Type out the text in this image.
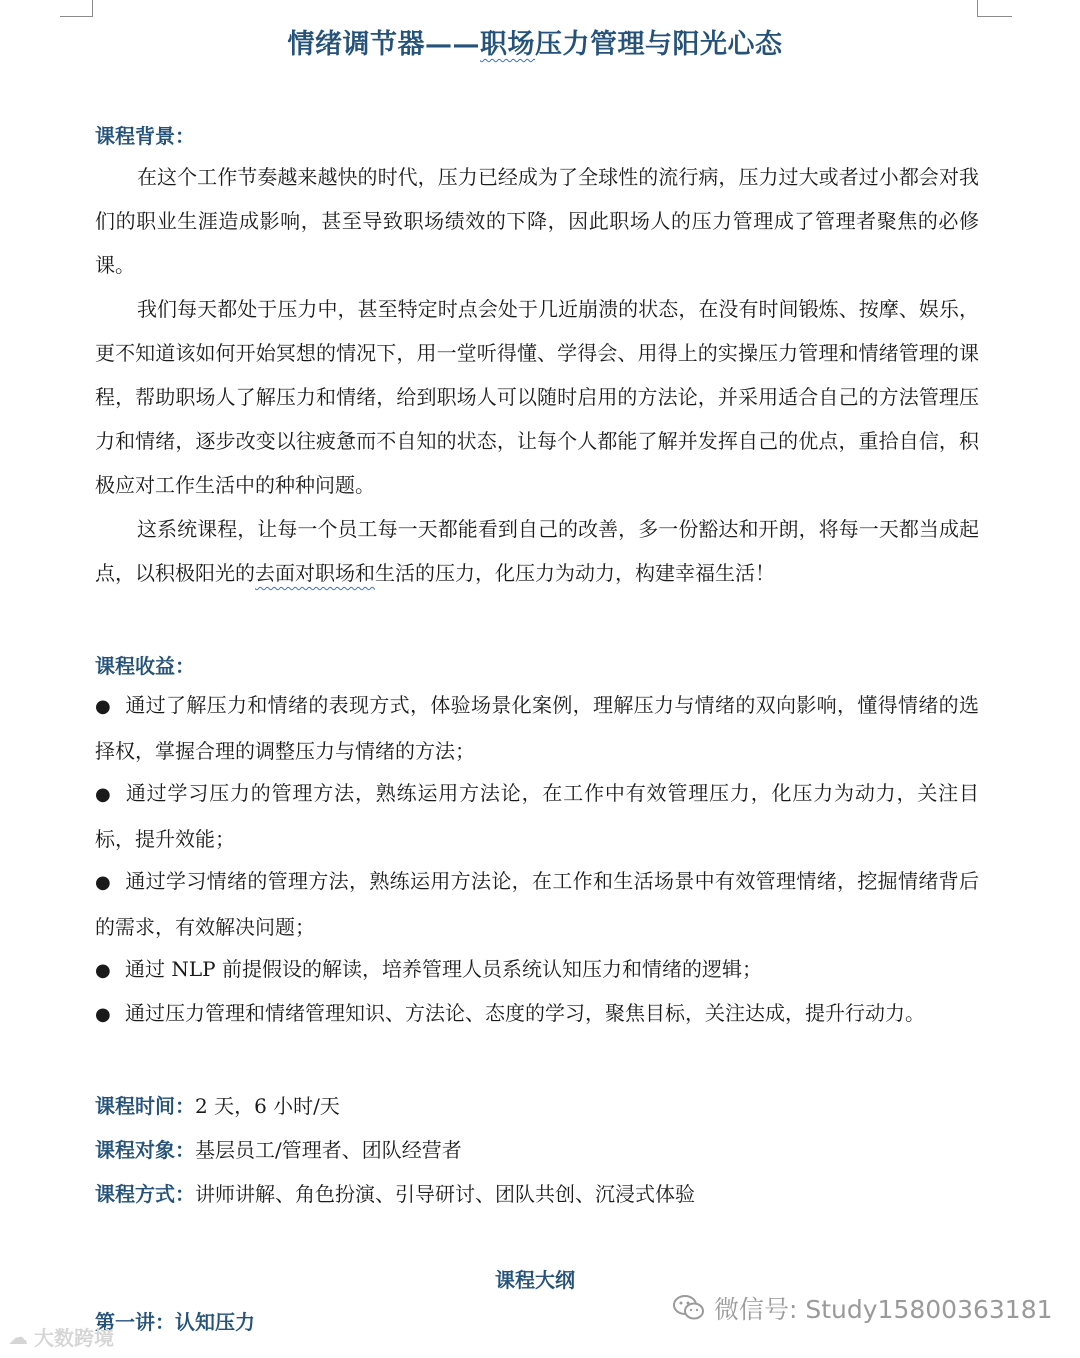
情绪调节器——职场压力管理与阳光心态
课程背景：
在这个工作节奏越来越快的时代，压力已经成为了全球性的流行病，压力过大或者过小都会对我们的职业生涯造成影响，甚至导致职场绩效的下降，因此职场人的压力管理成了管理者聚焦的必修课。
我们每天都处于压力中，甚至特定时点会处于几近崩溃的状态，在没有时间锻炼、按摩、娱乐，更不知道该如何开始冥想的情况下，用一堂听得懂、学得会、用得上的实操压力管理和情绪管理的课程，帮助职场人了解压力和情绪，给到职场人可以随时启用的方法论，并采用适合自己的方法管理压力和情绪，逐步改变以往疲惫而不自知的状态，让每个人都能了解并发挥自己的优点，重拾自信，积极应对工作生活中的种种问题。
这系统课程，让每一个员工每一天都能看到自己的改善，多一份豁达和开朗，将每一天都当成起点，以积极阳光的去面对职场和生活的压力，化压力为动力，构建幸福生活！
课程收益：
● 通过了解压力和情绪的表现方式，体验场景化案例，理解压力与情绪的双向影响，懂得情绪的选择权，掌握合理的调整压力与情绪的方法；
● 通过学习压力的管理方法，熟练运用方法论，在工作中有效管理压力，化压力为动力，关注目标，提升效能；
● 通过学习情绪的管理方法，熟练运用方法论，在工作和生活场景中有效管理情绪，挖掘情绪背后的需求，有效解决问题；
● 通过 NLP 前提假设的解读，培养管理人员系统认知压力和情绪的逻辑；
● 通过压力管理和情绪管理知识、方法论、态度的学习，聚焦目标，关注达成，提升行动力。
课程时间：2 天，6 小时/天
课程对象：基层员工/管理者、团队经营者
课程方式：讲师讲解、角色扮演、引导研讨、团队共创、沉浸式体验
课程大纲
第一讲：认知压力	微信号: Study15800363181
☁ 大数跨境
